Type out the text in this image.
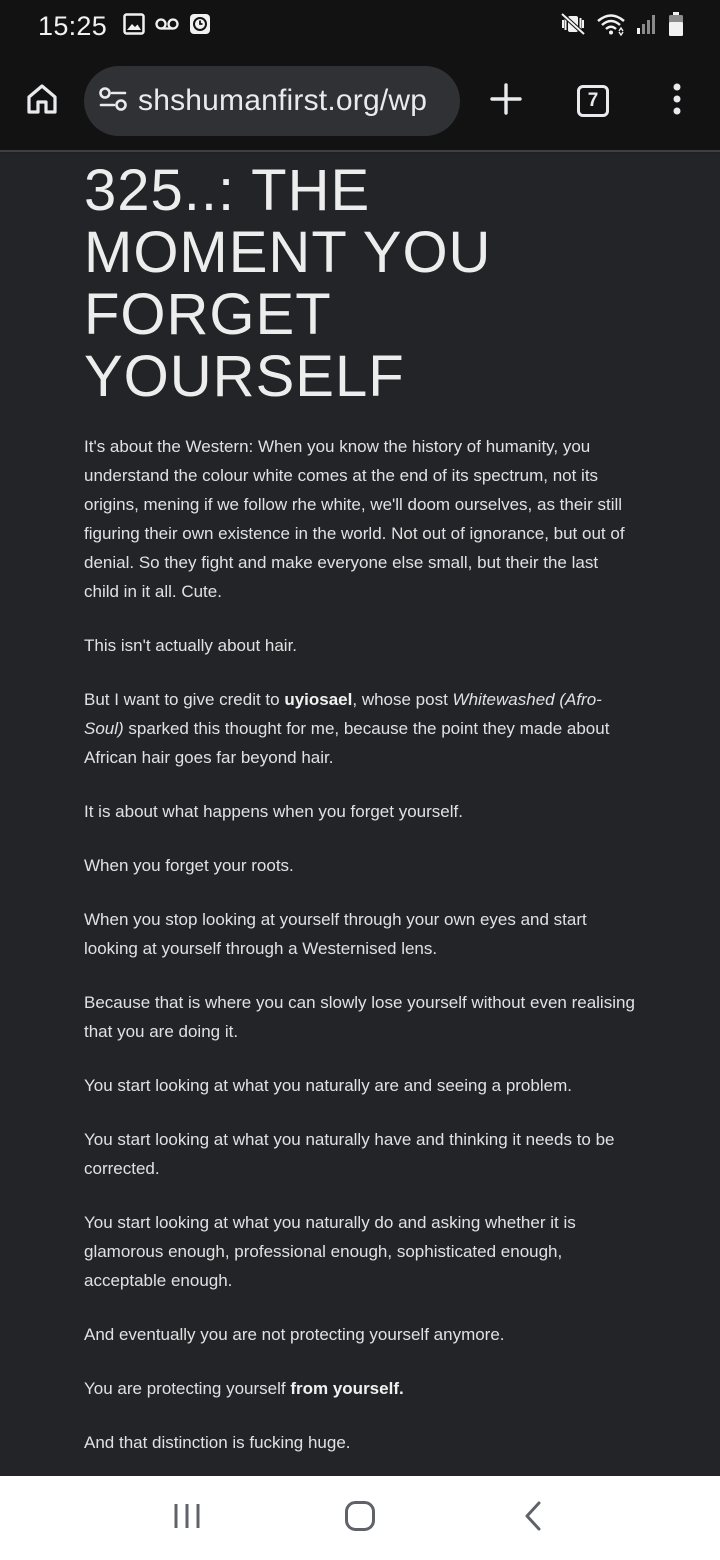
15:25
shshumanfirst.org/wp	7
325..: THE MOMENT YOU FORGET YOURSELF

It's about the Western: When you know the history of humanity, you understand the colour white comes at the end of its spectrum, not its origins, mening if we follow rhe white, we'll doom ourselves, as their still figuring their own existence in the world. Not out of ignorance, but out of denial. So they fight and make everyone else small, but their the last child in it all. Cute.

This isn't actually about hair.

But I want to give credit to uyiosael, whose post Whitewashed (Afro-Soul) sparked this thought for me, because the point they made about African hair goes far beyond hair.

It is about what happens when you forget yourself.

When you forget your roots.

When you stop looking at yourself through your own eyes and start looking at yourself through a Westernised lens.

Because that is where you can slowly lose yourself without even realising that you are doing it.

You start looking at what you naturally are and seeing a problem.

You start looking at what you naturally have and thinking it needs to be corrected.

You start looking at what you naturally do and asking whether it is glamorous enough, professional enough, sophisticated enough, acceptable enough.

And eventually you are not protecting yourself anymore.

You are protecting yourself from yourself.

And that distinction is fucking huge.
